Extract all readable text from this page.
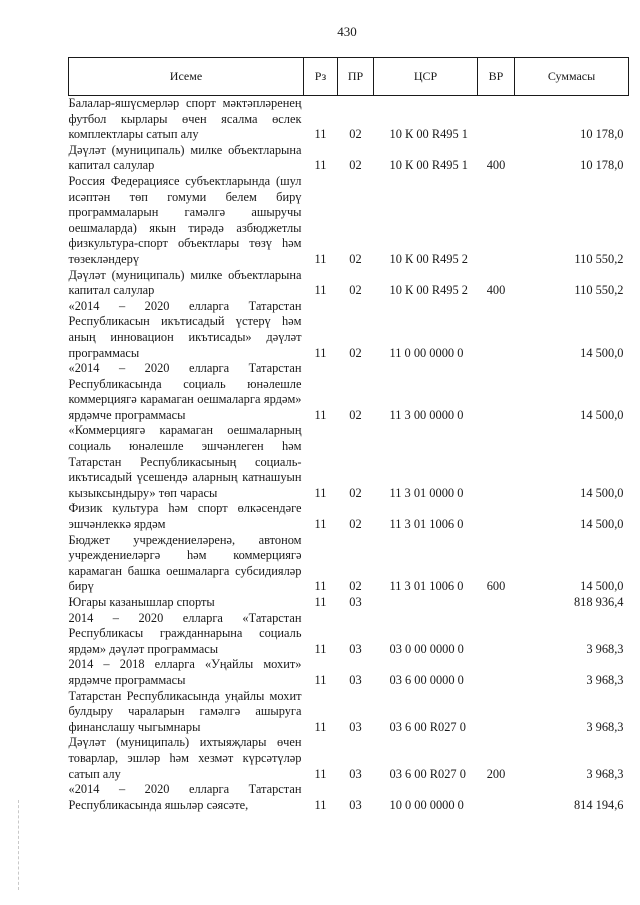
430
Исеме	Рз	ПР	ЦСР	ВР	Суммасы
Балалар-яшүсмерләр спорт мәктәпләренең футбол кырлары өчен ясалма өслек комплектлары сатып алу	11	02	10 К 00 R495 1		10 178,0
Дәүләт (муниципаль) милке объектларына капитал салулар	11	02	10 К 00 R495 1	400	10 178,0
Россия Федерациясе субъектларында (шул исәптән төп гомуми белем бирү программаларын гамәлгә ашыручы оешмаларда) якын тирәдә азбюджетлы физкультура-спорт объектлары төзү һәм төзекләндерү	11	02	10 К 00 R495 2		110 550,2
Дәүләт (муниципаль) милке объектларына капитал салулар	11	02	10 К 00 R495 2	400	110 550,2
«2014 – 2020 елларга Татарстан Республикасын икътисадый үстерү һәм аның инновацион икътисады» дәүләт программасы	11	02	11 0 00 0000 0		14 500,0
«2014 – 2020 елларга Татарстан Республикасында социаль юнәлешле коммерциягә карамаган оешмаларга ярдәм» ярдәмче программасы	11	02	11 3 00 0000 0		14 500,0
«Коммерциягә карамаган оешмаларның социаль юнәлешле эшчәнлеген һәм Татарстан Республикасының социаль-икътисадый үсешендә аларның катнашуын кызыксындыру» төп чарасы	11	02	11 3 01 0000 0		14 500,0
Физик культура һәм спорт өлкәсендәге эшчәнлеккә ярдәм	11	02	11 3 01 1006 0		14 500,0
Бюджет учреждениеләренә, автоном учреждениеләргә һәм коммерциягә карамаган башка оешмаларга субсидияләр бирү	11	02	11 3 01 1006 0	600	14 500,0
Югары казанышлар спорты	11	03			818 936,4
2014 – 2020 елларга «Татарстан Республикасы гражданнарына социаль ярдәм» дәүләт программасы	11	03	03 0 00 0000 0		3 968,3
2014 – 2018 елларга «Уңайлы мохит» ярдәмче программасы	11	03	03 6 00 0000 0		3 968,3
Татарстан Республикасында уңайлы мохит булдыру чараларын гамәлгә ашыруга финанслашу чыгымнары	11	03	03 6 00 R027 0		3 968,3
Дәүләт (муниципаль) ихтыяҗлары өчен товарлар, эшләр һәм хезмәт күрсәтүләр сатып алу	11	03	03 6 00 R027 0	200	3 968,3
«2014 – 2020 елларга Татарстан Республикасында яшьләр сәясәте,	11	03	10 0 00 0000 0		814 194,6
